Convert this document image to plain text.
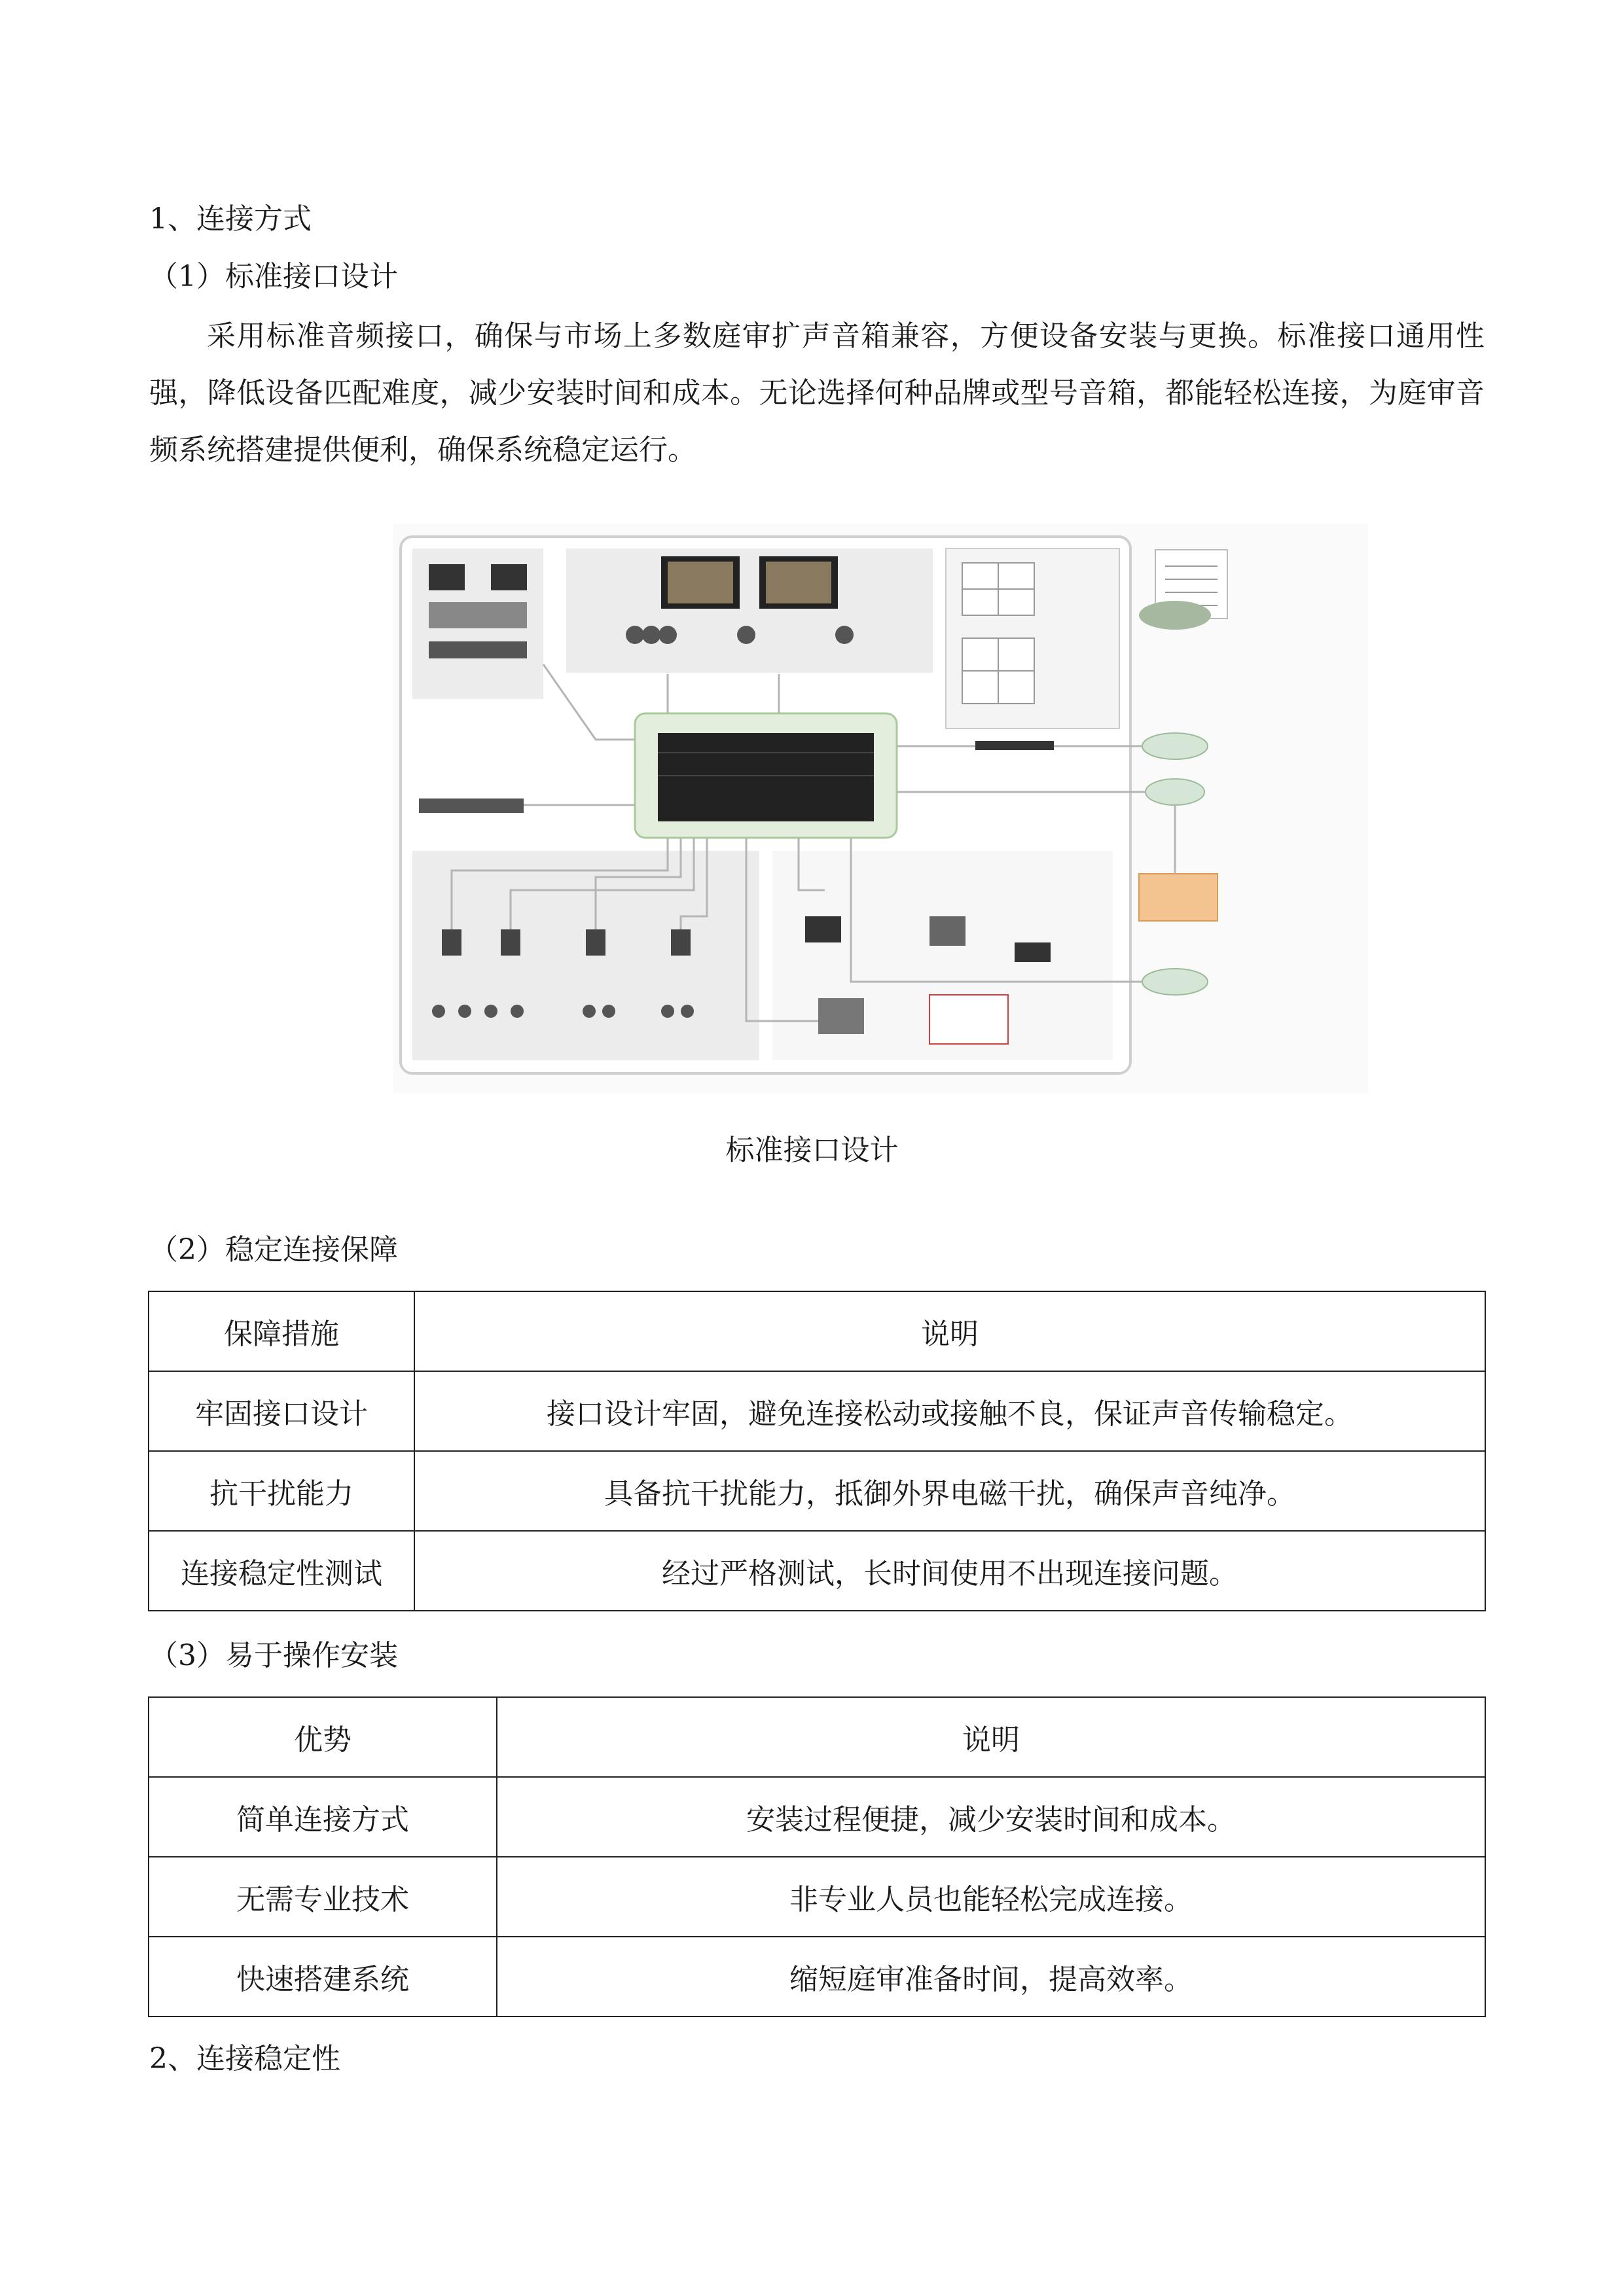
1、连接方式
（1）标准接口设计

采用标准音频接口，确保与市场上多数庭审扩声音箱兼容，方便设备安装与更换。标准接口通用性强，降低设备匹配难度，减少安装时间和成本。无论选择何种品牌或型号音箱，都能轻松连接，为庭审音频系统搭建提供便利，确保系统稳定运行。

标准接口设计
（2）稳定连接保障
保障措施	说明
牢固接口设计	接口设计牢固，避免连接松动或接触不良，保证声音传输稳定。
抗干扰能力	具备抗干扰能力，抵御外界电磁干扰，确保声音纯净。
连接稳定性测试	经过严格测试，长时间使用不出现连接问题。
（3）易于操作安装
优势	说明
简单连接方式	安装过程便捷，减少安装时间和成本。
无需专业技术	非专业人员也能轻松完成连接。
快速搭建系统	缩短庭审准备时间，提高效率。
2、连接稳定性
